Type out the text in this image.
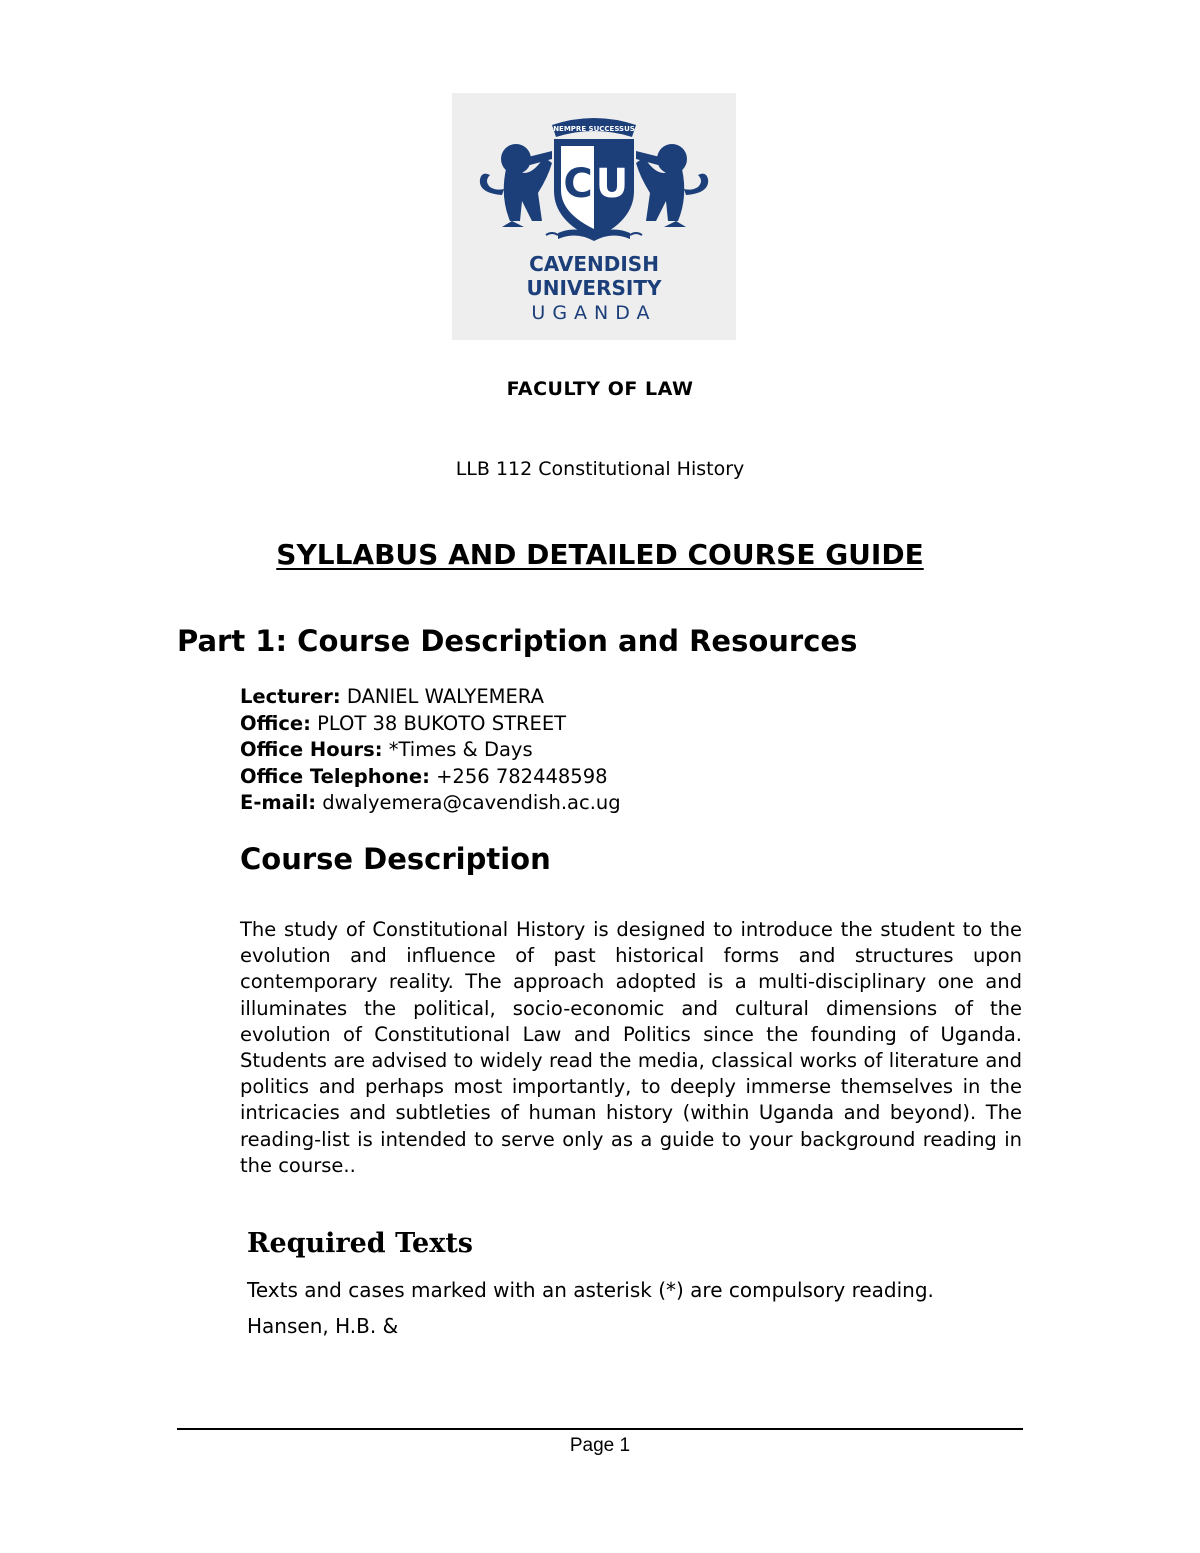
NEMPRE SUCCESSUS
C U
CAVENDISH
UNIVERSITY
UGANDA
FACULTY OF LAW
LLB 112 Constitutional History
SYLLABUS AND DETAILED COURSE GUIDE
Part 1: Course Description and Resources
Lecturer: DANIEL WALYEMERA
Office: PLOT 38 BUKOTO STREET
Office Hours: *Times & Days
Office Telephone: +256 782448598
E-mail: dwalyemera@cavendish.ac.ug
Course Description

The study of Constitutional History is designed to introduce the student to the evolution and influence of past historical forms and structures upon contemporary reality. The approach adopted is a multi-disciplinary one and illuminates the political, socio-economic and cultural dimensions of the evolution of Constitutional Law and Politics since the founding of Uganda. Students are advised to widely read the media, classical works of literature and politics and perhaps most importantly, to deeply immerse themselves in the intricacies and subtleties of human history (within Uganda and beyond). The reading-list is intended to serve only as a guide to your background reading in the course..

Required Texts

Texts and cases marked with an asterisk (*) are compulsory reading.

Hansen, H.B. &

Page 1
